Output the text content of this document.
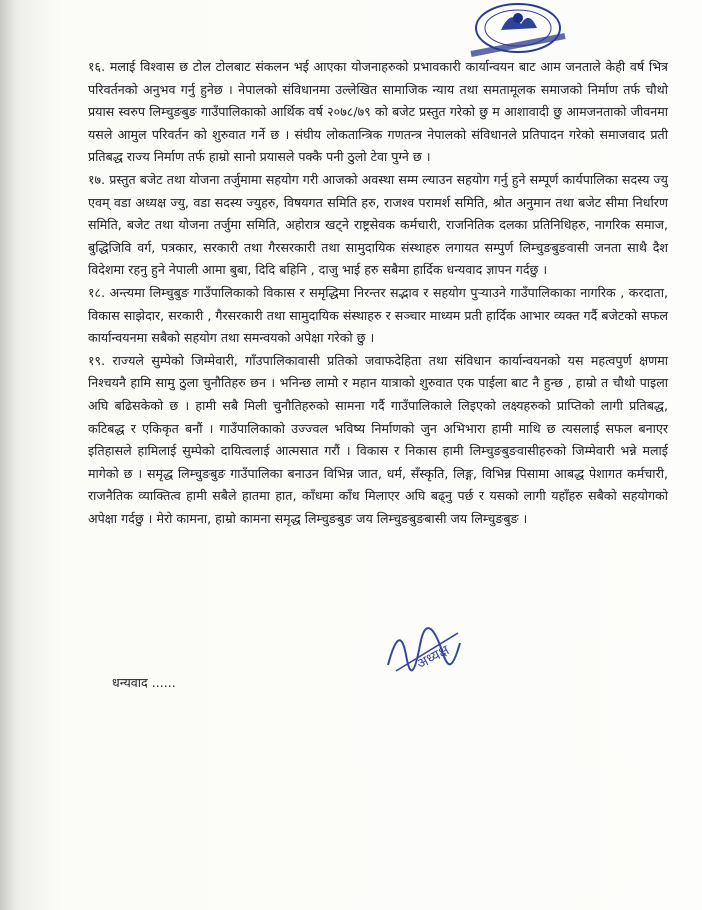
१६. मलाई विश्वास छ टोल टोलबाट संकलन भई आएका योजनाहरुको प्रभावकारी कार्यान्वयन बाट आम जनताले केही वर्ष भित्र परिवर्तनको अनुभव गर्नु हुनेछ । नेपालको संविधानमा उल्लेखित सामाजिक न्याय तथा समतामूलक समाजको निर्माण तर्फ चौथो प्रयास स्वरुप लिम्चुङबुङ गाउँपालिकाको आर्थिक वर्ष २०७८/७९ को बजेट प्रस्तुत गरेको छु म आशावादी छु आमजनताको जीवनमा यसले आमुल परिवर्तन को शुरुवात गर्ने छ । संघीय लोकतान्त्रिक गणतन्त्र नेपालको संविधानले प्रतिपादन गरेको समाजवाद प्रती प्रतिबद्ध राज्य निर्माण तर्फ हाम्रो सानो प्रयासले पक्कै पनी ठुलो टेवा पुग्ने छ ।

१७. प्रस्तुत बजेट तथा योजना तर्जुमामा सहयोग गरी आजको अवस्था सम्म ल्याउन सहयोग गर्नु हुने सम्पूर्ण कार्यपालिका सदस्य ज्यु एवम् वडा अध्यक्ष ज्यु, वडा सदस्य ज्युहरु, विषयगत समिति हरु, राजश्व परामर्श समिति, श्रोत अनुमान तथा बजेट सीमा निर्धारण समिति, बजेट तथा योजना तर्जुमा समिति, अहोरात्र खट्ने राष्ट्रसेवक कर्मचारी, राजनितिक दलका प्रतिनिधिहरु, नागरिक समाज, बुद्धिजिवि वर्ग, पत्रकार, सरकारी तथा गैरसरकारी तथा सामुदायिक संस्थाहरु लगायत सम्पुर्ण लिम्चुङबुङवासी जनता साथै दैश विदेशमा रहनु हुने नेपाली आमा बुबा, दिदि बहिनि , दाजु भाई हरु सबैमा हार्दिक धन्यवाद ज्ञापन गर्दछु ।

१८. अन्त्यमा लिम्चुबुङ गाउँपालिकाको विकास र समृद्धिमा निरन्तर सद्भाव र सहयोग पुऱ्याउने गाउँपालिकाका नागरिक , करदाता, विकास साझेदार, सरकारी , गैरसरकारी तथा सामुदायिक संस्थाहरु र सञ्चार माध्यम प्रती हार्दिक आभार व्यक्त गर्दै बजेटको सफल कार्यान्वयनमा सबैको सहयोग तथा समन्वयको अपेक्षा गरेको छु ।

१९. राज्यले सुम्पेको जिम्मेवारी, गाँउपालिकावासी प्रतिको जवाफदेहिता तथा संविधान कार्यान्वयनको यस महत्वपुर्ण क्षणमा निश्चयनै हामि सामु ठुला चुनौतिहरु छन । भनिन्छ लामो र महान यात्राको शुरुवात एक पाईला बाट नै हुन्छ , हाम्रो त चौथो पाइला अघि बढिसकेको छ । हामी सबै मिली चुनौतिहरुको सामना गर्दै गाउँपालिकाले लिइएको लक्ष्यहरुको प्राप्तिको लागी प्रतिबद्ध, कटिबद्ध र एकिकृत बनौं । गाउँपालिकाको उज्ज्वल भविष्य निर्माणको जुन अभिभारा हामी माथि छ त्यसलाई सफल बनाएर इतिहासले हामिलाई सुम्पेको दायित्वलाई आत्मसात गरौं । विकास र निकास हामी लिम्चुङबुङवासीहरुको जिम्मेवारी भन्ने मलाई मागेको छ । समृद्ध लिम्चुङबुङ गाउँपालिका बनाउन विभिन्न जात, धर्म, सँस्कृति, लिङ्ग, विभिन्न पिसामा आबद्ध पेशागत कर्मचारी, राजनैतिक व्याक्तित्व हामी सबैले हातमा हात, काँधमा काँध मिलाएर अघि बढ्नु पर्छ र यसको लागी यहाँहरु सबैको सहयोगको अपेक्षा गर्दछु । मेरो कामना, हाम्रो कामना समृद्ध लिम्चुङबुङ जय लिम्चुङबुङबासी जय लिम्चुङबुङ ।

अध्यक्ष
धन्यवाद ......
